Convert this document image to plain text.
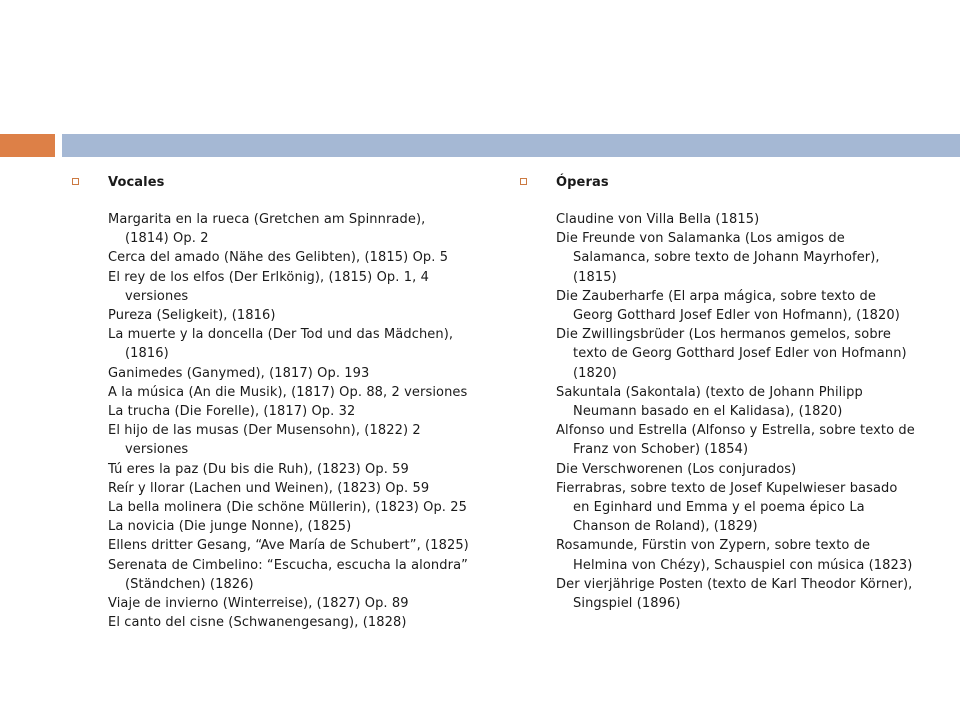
Vocales
Margarita en la rueca (Gretchen am Spinnrade), (1814) Op. 2
Cerca del amado (Nähe des Gelibten), (1815) Op. 5
El rey de los elfos (Der Erlkönig), (1815) Op. 1, 4 versiones
Pureza (Seligkeit), (1816)
La muerte y la doncella (Der Tod und das Mädchen), (1816)
Ganimedes (Ganymed), (1817) Op. 193
A la música (An die Musik), (1817) Op. 88, 2 versiones
La trucha (Die Forelle), (1817) Op. 32
El hijo de las musas (Der Musensohn), (1822) 2 versiones
Tú eres la paz (Du bis die Ruh), (1823) Op. 59
Reír y llorar (Lachen und Weinen), (1823) Op. 59
La bella molinera (Die schöne Müllerin), (1823) Op. 25
La novicia (Die junge Nonne), (1825)
Ellens dritter Gesang, “Ave María de Schubert”, (1825)
Serenata de Cimbelino: “Escucha, escucha la alondra” (Ständchen) (1826)
Viaje de invierno (Winterreise), (1827) Op. 89
El canto del cisne (Schwanengesang), (1828)
Óperas
Claudine von Villa Bella (1815)
Die Freunde von Salamanka (Los amigos de Salamanca, sobre texto de Johann Mayrhofer), (1815)
Die Zauberharfe (El arpa mágica, sobre texto de Georg Gotthard Josef Edler von Hofmann), (1820)
Die Zwillingsbrüder (Los hermanos gemelos, sobre texto de Georg Gotthard Josef Edler von Hofmann) (1820)
Sakuntala (Sakontala) (texto de Johann Philipp Neumann basado en el Kalidasa), (1820)
Alfonso und Estrella (Alfonso y Estrella, sobre texto de Franz von Schober) (1854)
Die Verschworenen (Los conjurados)
Fierrabras, sobre texto de Josef Kupelwieser basado en Eginhard und Emma y el poema épico La Chanson de Roland), (1829)
Rosamunde, Fürstin von Zypern, sobre texto de Helmina von Chézy), Schauspiel con música (1823)
Der vierjährige Posten (texto de Karl Theodor Körner), Singspiel (1896)
